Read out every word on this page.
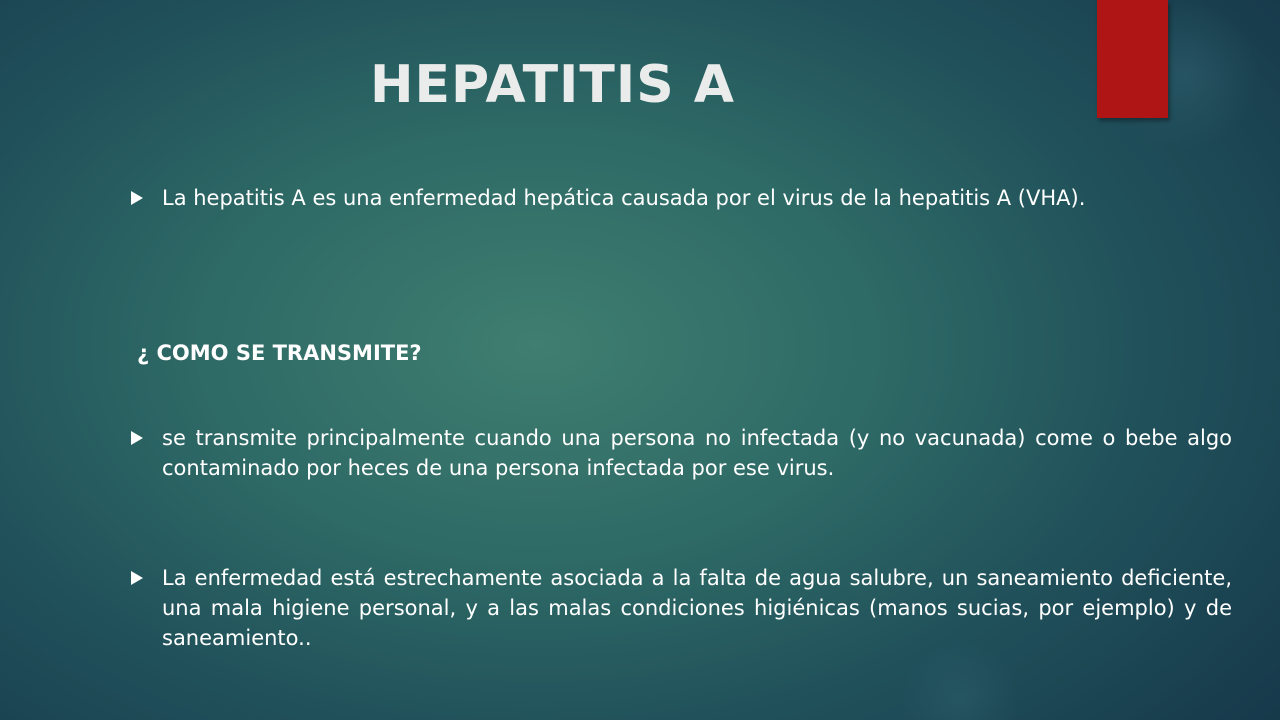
HEPATITIS A

La hepatitis A es una enfermedad hepática causada por el virus de la hepatitis A (VHA).

¿ COMO SE TRANSMITE?

se transmite principalmente cuando una persona no infectada (y no vacunada) come o bebe algo contaminado por heces de una persona infectada por ese virus.

La enfermedad está estrechamente asociada a la falta de agua salubre, un saneamiento deficiente, una mala higiene personal, y a las malas condiciones higiénicas (manos sucias, por ejemplo) y de saneamiento..
